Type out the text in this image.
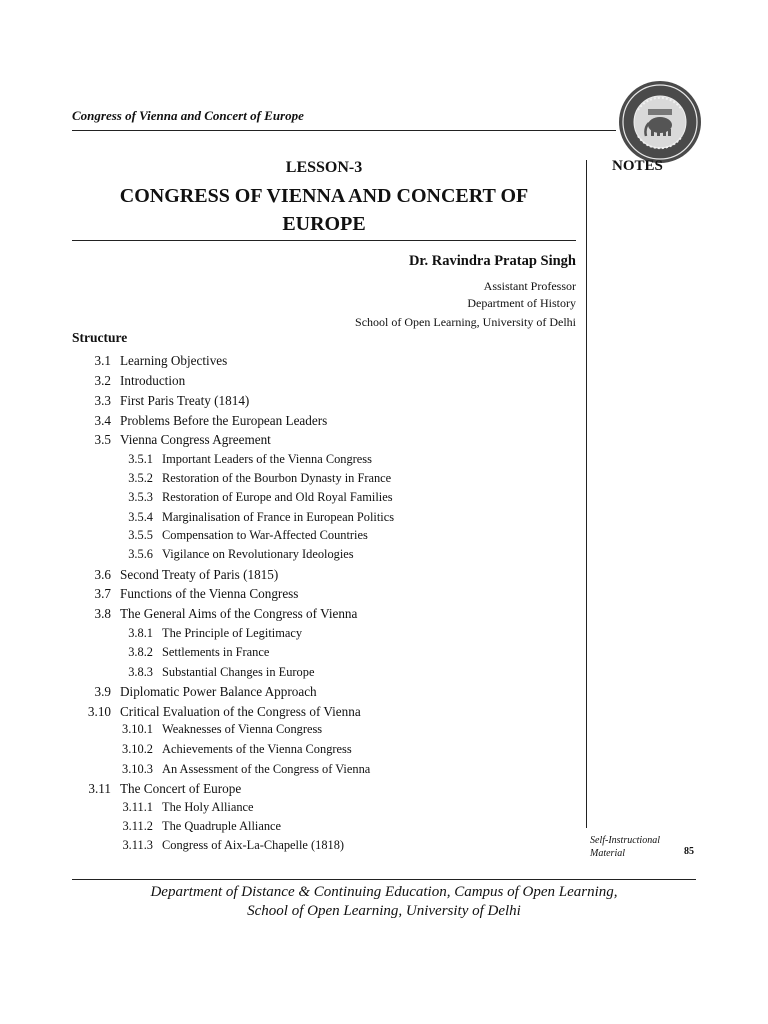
Congress of Vienna and Concert of Europe
NOTES
LESSON-3
CONGRESS OF VIENNA AND CONCERT OF
EUROPE
Dr. Ravindra Pratap Singh
Assistant Professor
Department of History
School of Open Learning, University of Delhi
Structure
3.1 Learning Objectives
3.2 Introduction
3.3 First Paris Treaty (1814)
3.4 Problems Before the European Leaders
3.5 Vienna Congress Agreement
3.5.1 Important Leaders of the Vienna Congress
3.5.2 Restoration of the Bourbon Dynasty in France
3.5.3 Restoration of Europe and Old Royal Families
3.5.4 Marginalisation of France in European Politics
3.5.5 Compensation to War-Affected Countries
3.5.6 Vigilance on Revolutionary Ideologies
3.6 Second Treaty of Paris (1815)
3.7 Functions of the Vienna Congress
3.8 The General Aims of the Congress of Vienna
3.8.1 The Principle of Legitimacy
3.8.2 Settlements in France
3.8.3 Substantial Changes in Europe
3.9 Diplomatic Power Balance Approach
3.10 Critical Evaluation of the Congress of Vienna
3.10.1 Weaknesses of Vienna Congress
3.10.2 Achievements of the Vienna Congress
3.10.3 An Assessment of the Congress of Vienna
3.11 The Concert of Europe
3.11.1 The Holy Alliance
3.11.2 The Quadruple Alliance
3.11.3 Congress of Aix-La-Chapelle (1818)	Self-Instructional
Material	85
Department of Distance & Continuing Education, Campus of Open Learning,
School of Open Learning, University of Delhi
